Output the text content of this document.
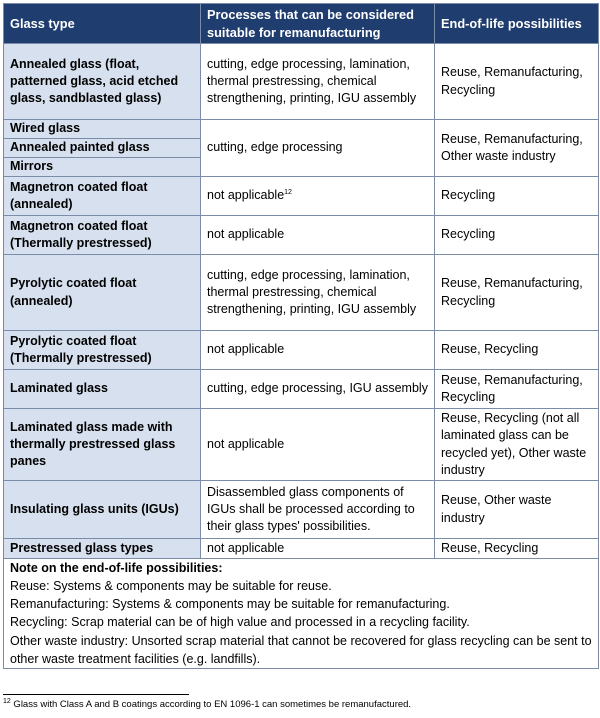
Glass type	Processes that can be considered suitable for remanufacturing	End-of-life possibilities
Annealed glass (float, patterned glass, acid etched glass, sandblasted glass)	cutting, edge processing, lamination, thermal prestressing, chemical strengthening, printing, IGU assembly	Reuse, Remanufacturing, Recycling
Wired glass	cutting, edge processing	Reuse, Remanufacturing, Other waste industry
Annealed painted glass		
Mirrors		
Magnetron coated float (annealed)	not applicable$^{12}$	Recycling
Magnetron coated float (Thermally prestressed)	not applicable	Recycling
Pyrolytic coated float (annealed)	cutting, edge processing, lamination, thermal prestressing, chemical strengthening, printing, IGU assembly	Reuse, Remanufacturing, Recycling
Pyrolytic coated float (Thermally prestressed)	not applicable	Reuse, Recycling
Laminated glass	cutting, edge processing, IGU assembly	Reuse, Remanufacturing, Recycling
Laminated glass made with thermally prestressed glass panes	not applicable	Reuse, Recycling (not all laminated glass can be recycled yet), Other waste industry
Insulating glass units (IGUs)	Disassembled glass components of IGUs shall be processed according to their glass types' possibilities.	Reuse, Other waste industry
Prestressed glass types	not applicable	Reuse, Recycling

Note on the end-of-life possibilities:
Reuse: Systems & components may be suitable for reuse.
Remanufacturing: Systems & components may be suitable for remanufacturing.
Recycling: Scrap material can be of high value and processed in a recycling facility.
Other waste industry: Unsorted scrap material that cannot be recovered for glass recycling can be sent to other waste treatment facilities (e.g. landfills).		
$^{12}$ Glass with Class A and B coatings according to EN 1096-1 can sometimes be remanufactured.
